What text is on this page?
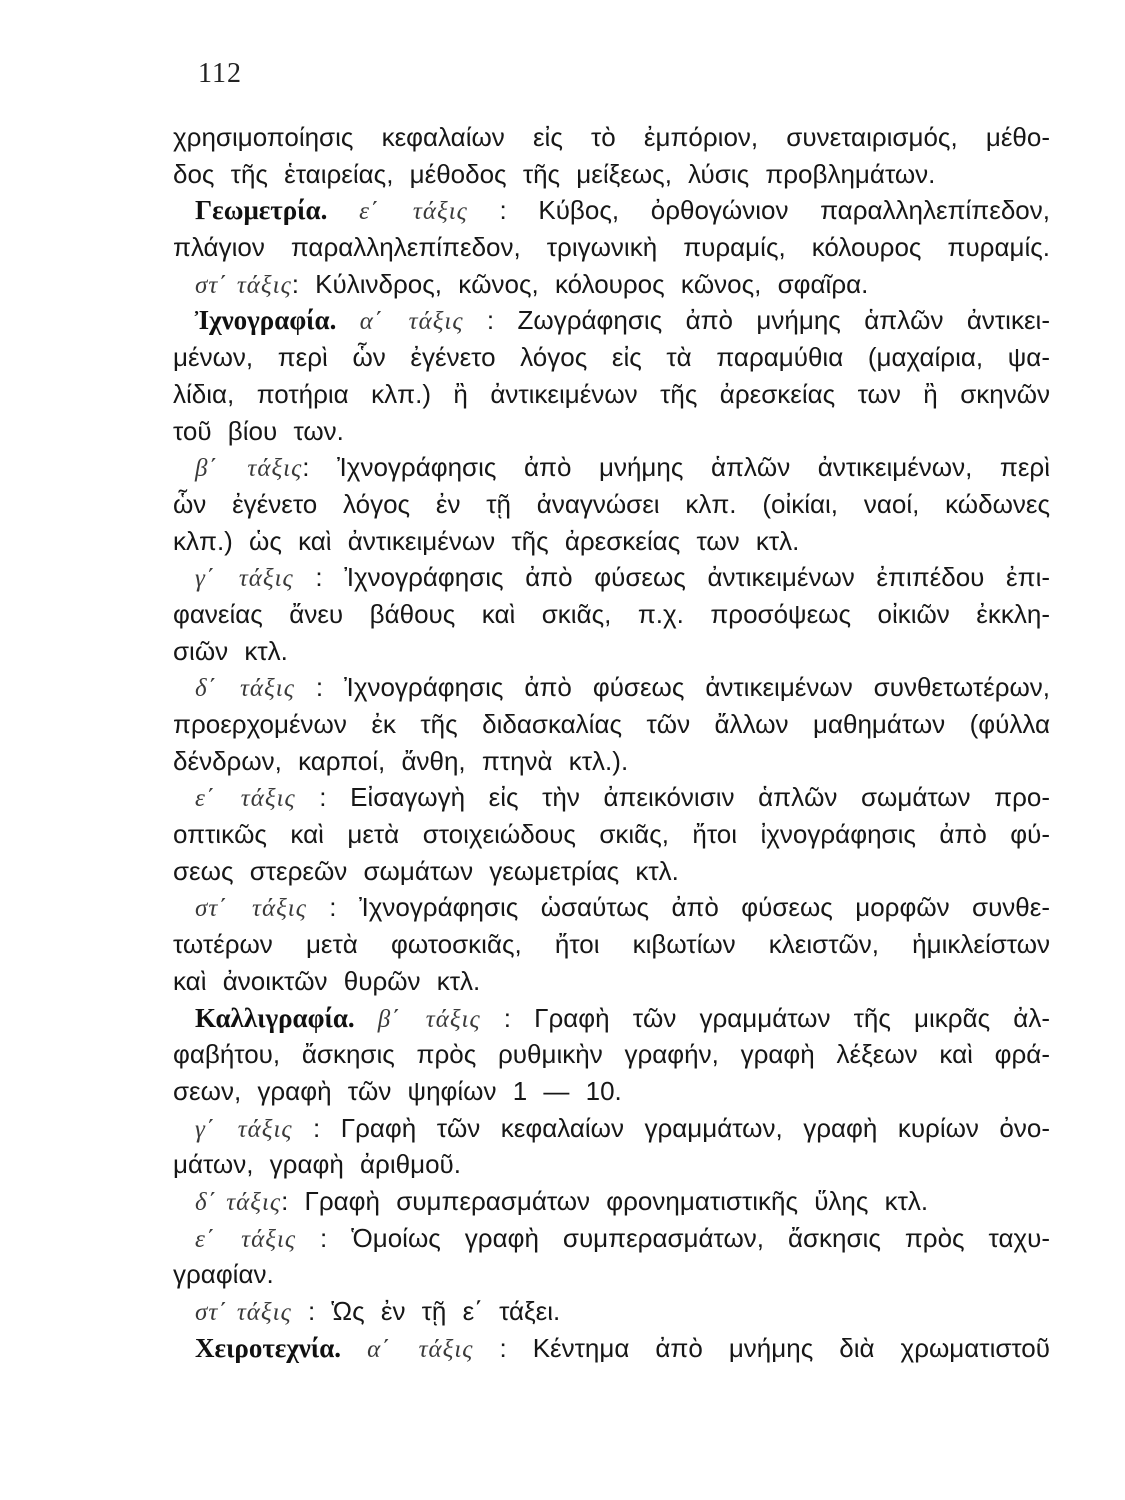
112
χρησιμοποίησις κεφαλαίων εἰς τὸ ἐμπόριον, συνεταιρισμός, μέθο-
δος τῆς ἑταιρείας, μέθοδος τῆς μείξεως, λύσις προβλημάτων.
Γεωμετρία. ε΄ τάξις : Κύβος, ὀρθογώνιον παραλληλεπίπεδον,
πλάγιον παραλληλεπίπεδον, τριγωνικὴ πυραμίς, κόλουρος πυραμίς.
στ΄ τάξις: Κύλινδρος, κῶνος, κόλουρος κῶνος, σφαῖρα.
Ἰχνογραφία. α΄ τάξις : Ζωγράφησις ἀπὸ μνήμης ἁπλῶν ἀντικει-
μένων, περὶ ὧν ἐγένετο λόγος εἰς τὰ παραμύθια (μαχαίρια, ψα-
λίδια, ποτήρια κλπ.) ἢ ἀντικειμένων τῆς ἀρεσκείας των ἢ σκηνῶν
τοῦ βίου των.
β΄ τάξις: Ἰχνογράφησις ἀπὸ μνήμης ἁπλῶν ἀντικειμένων, περὶ
ὧν ἐγένετο λόγος ἐν τῇ ἀναγνώσει κλπ. (οἰκίαι, ναοί, κώδωνες
κλπ.) ὡς καὶ ἀντικειμένων τῆς ἀρεσκείας των κτλ.
γ΄ τάξις : Ἰχνογράφησις ἀπὸ φύσεως ἀντικειμένων ἐπιπέδου ἐπι-
φανείας ἄνευ βάθους καὶ σκιᾶς, π.χ. προσόψεως οἰκιῶν ἐκκλη-
σιῶν κτλ.
δ΄ τάξις : Ἰχνογράφησις ἀπὸ φύσεως ἀντικειμένων συνθετωτέρων,
προερχομένων ἐκ τῆς διδασκαλίας τῶν ἄλλων μαθημάτων (φύλλα
δένδρων, καρποί, ἄνθη, πτηνὰ κτλ.).
ε΄ τάξις : Εἰσαγωγὴ εἰς τὴν ἀπεικόνισιν ἁπλῶν σωμάτων προ-
οπτικῶς καὶ μετὰ στοιχειώδους σκιᾶς, ἤτοι ἰχνογράφησις ἀπὸ φύ-
σεως στερεῶν σωμάτων γεωμετρίας κτλ.
στ΄ τάξις : Ἰχνογράφησις ὡσαύτως ἀπὸ φύσεως μορφῶν συνθε-
τωτέρων μετὰ φωτοσκιᾶς, ἤτοι κιβωτίων κλειστῶν, ἡμικλείστων
καὶ ἀνοικτῶν θυρῶν κτλ.
Καλλιγραφία. β΄ τάξις : Γραφὴ τῶν γραμμάτων τῆς μικρᾶς ἀλ-
φαβήτου, ἄσκησις πρὸς ρυθμικὴν γραφήν, γραφὴ λέξεων καὶ φρά-
σεων, γραφὴ τῶν ψηφίων 1 — 10.
γ΄ τάξις : Γραφὴ τῶν κεφαλαίων γραμμάτων, γραφὴ κυρίων ὀνο-
μάτων, γραφὴ ἀριθμοῦ.
δ΄ τάξις: Γραφὴ συμπερασμάτων φρονηματιστικῆς ὕλης κτλ.
ε΄ τάξις : Ὁμοίως γραφὴ συμπερασμάτων, ἄσκησις πρὸς ταχυ-
γραφίαν.
στ΄ τάξις : Ὡς ἐν τῇ ε΄ τάξει.
Χειροτεχνία. α΄ τάξις : Κέντημα ἀπὸ μνήμης διὰ χρωματιστοῦ
